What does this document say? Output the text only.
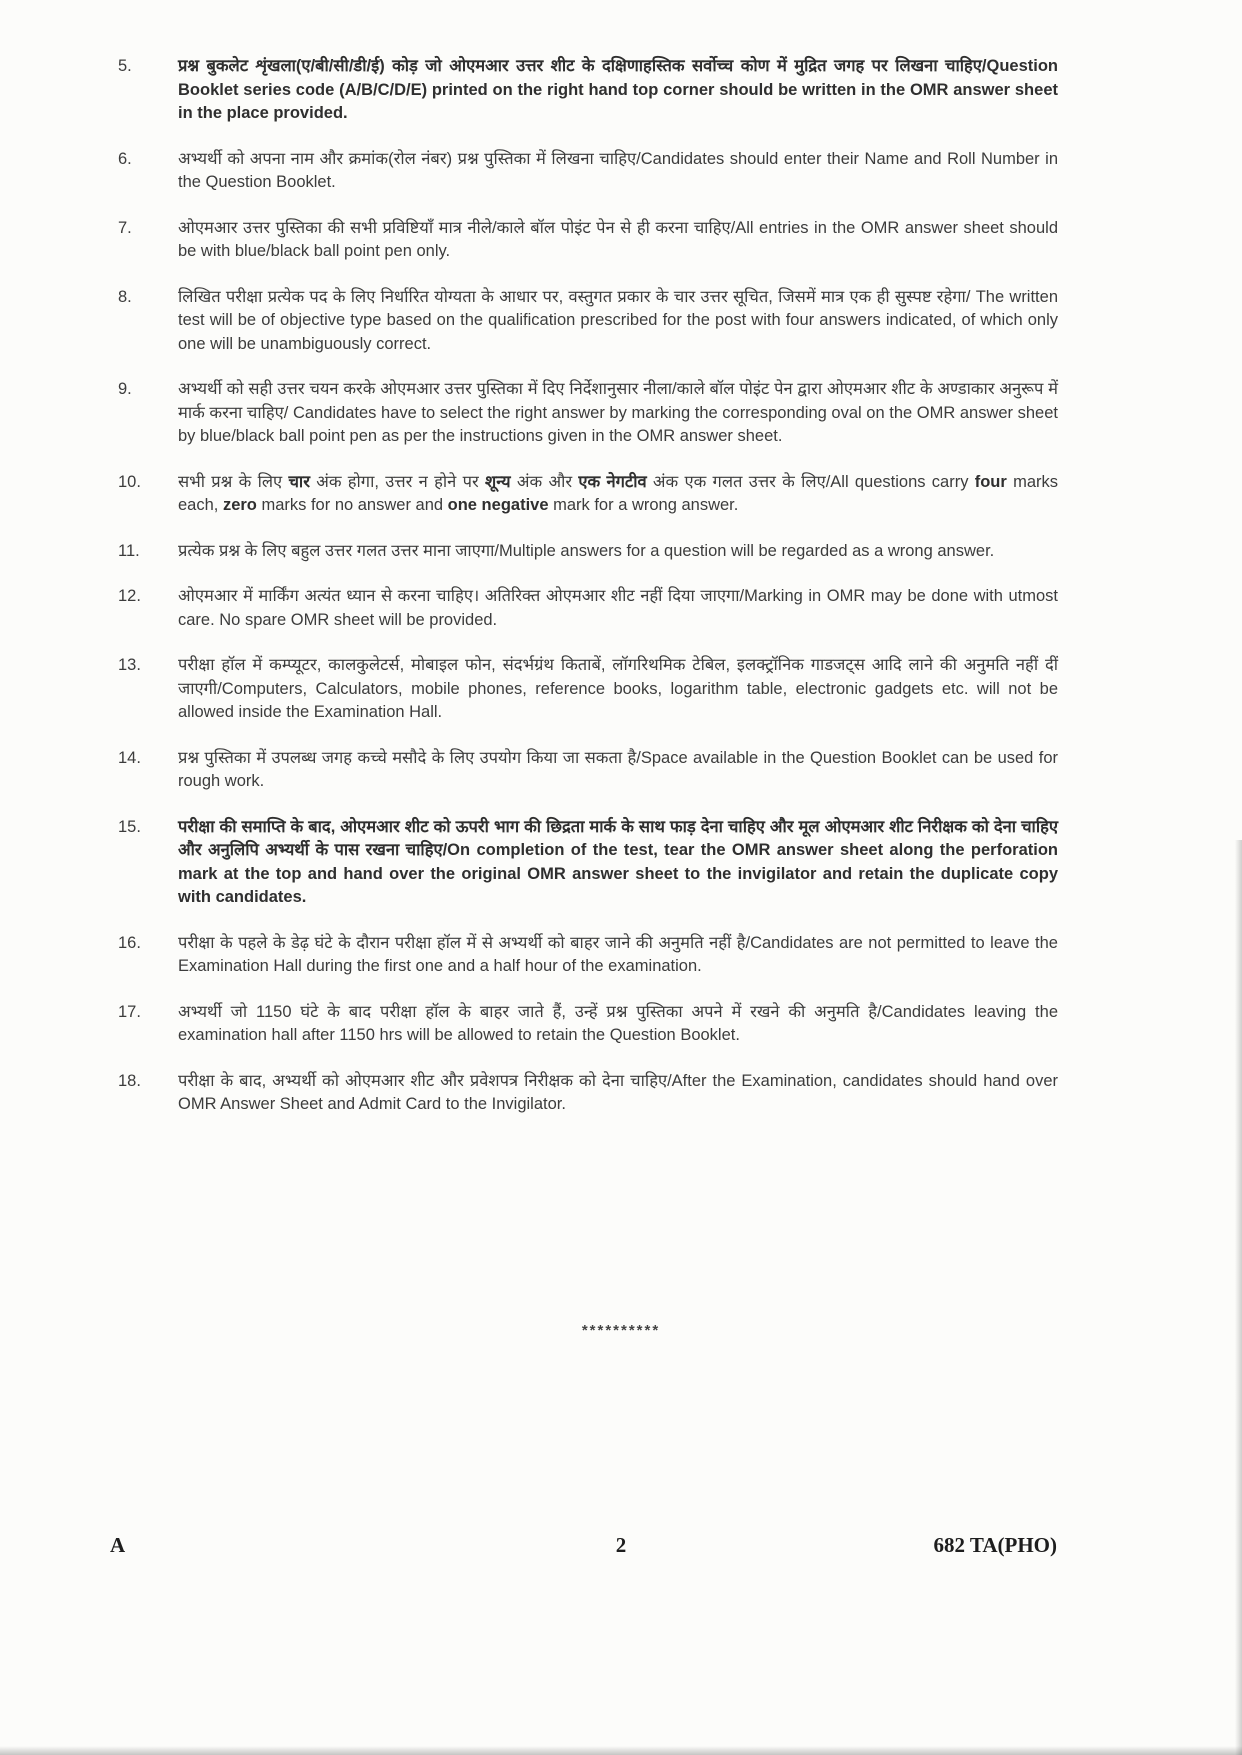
5.	प्रश्न बुकलेट शृंखला(ए/बी/सी/डी/ई) कोड़ जो ओएमआर उत्तर शीट के दक्षिणाहस्तिक सर्वोच्च कोण में मुद्रित जगह पर लिखना चाहिए/Question Booklet series code (A/B/C/D/E) printed on the right hand top corner should be written in the OMR answer sheet in the place provided.
6.	अभ्यर्थी को अपना नाम और क्रमांक(रोल नंबर) प्रश्न पुस्तिका में लिखना चाहिए/Candidates should enter their Name and Roll Number in the Question Booklet.
7.	ओएमआर उत्तर पुस्तिका की सभी प्रविष्टियाँ मात्र नीले/काले बॉल पोइंट पेन से ही करना चाहिए/All entries in the OMR answer sheet should be with blue/black ball point pen only.
8.	लिखित परीक्षा प्रत्येक पद के लिए निर्धारित योग्यता के आधार पर, वस्तुगत प्रकार के चार उत्तर सूचित, जिसमें मात्र एक ही सुस्पष्ट रहेगा/ The written test will be of objective type based on the qualification prescribed for the post with four answers indicated, of which only one will be unambiguously correct.
9.	अभ्यर्थी को सही उत्तर चयन करके ओएमआर उत्तर पुस्तिका में दिए निर्देशानुसार नीला/काले बॉल पोइंट पेन द्वारा ओएमआर शीट के अण्डाकार अनुरूप में मार्क करना चाहिए/ Candidates have to select the right answer by marking the corresponding oval on the OMR answer sheet by blue/black ball point pen as per the instructions given in the OMR answer sheet.
10.	सभी प्रश्न के लिए चार अंक होगा, उत्तर न होने पर शून्य अंक और एक नेगटीव अंक एक गलत उत्तर के लिए/All questions carry four marks each, zero marks for no answer and one negative mark for a wrong answer.
11.	प्रत्येक प्रश्न के लिए बहुल उत्तर गलत उत्तर माना जाएगा/Multiple answers for a question will be regarded as a wrong answer.
12.	ओएमआर में मार्किंग अत्यंत ध्यान से करना चाहिए। अतिरिक्त ओएमआर शीट नहीं दिया जाएगा/Marking in OMR may be done with utmost care. No spare OMR sheet will be provided.
13.	परीक्षा हॉल में कम्प्यूटर, कालकुलेटर्स, मोबाइल फोन, संदर्भग्रंथ किताबें, लॉगरिथमिक टेबिल, इलक्ट्रॉनिक गाडजट्स आदि लाने की अनुमति नहीं दीं जाएगी/Computers, Calculators, mobile phones, reference books, logarithm table, electronic gadgets etc. will not be allowed inside the Examination Hall.
14.	प्रश्न पुस्तिका में उपलब्ध जगह कच्चे मसौदे के लिए उपयोग किया जा सकता है/Space available in the Question Booklet can be used for rough work.
15.	परीक्षा की समाप्ति के बाद, ओएमआर शीट को ऊपरी भाग की छिद्रता मार्क के साथ फाड़ देना चाहिए और मूल ओएमआर शीट निरीक्षक को देना चाहिए और अनुलिपि अभ्यर्थी के पास रखना चाहिए/On completion of the test, tear the OMR answer sheet along the perforation mark at the top and hand over the original OMR answer sheet to the invigilator and retain the duplicate copy with candidates.
16.	परीक्षा के पहले के डेढ़ घंटे के दौरान परीक्षा हॉल में से अभ्यर्थी को बाहर जाने की अनुमति नहीं है/Candidates are not permitted to leave the Examination Hall during the first one and a half hour of the examination.
17.	अभ्यर्थी जो 1150 घंटे के बाद परीक्षा हॉल के बाहर जाते हैं, उन्हें प्रश्न पुस्तिका अपने में रखने की अनुमति है/Candidates leaving the examination hall after 1150 hrs will be allowed to retain the Question Booklet.
18.	परीक्षा के बाद, अभ्यर्थी को ओएमआर शीट और प्रवेशपत्र निरीक्षक को देना चाहिए/After the Examination, candidates should hand over OMR Answer Sheet and Admit Card to the Invigilator.
**********
A	2	682 TA(PHO)
